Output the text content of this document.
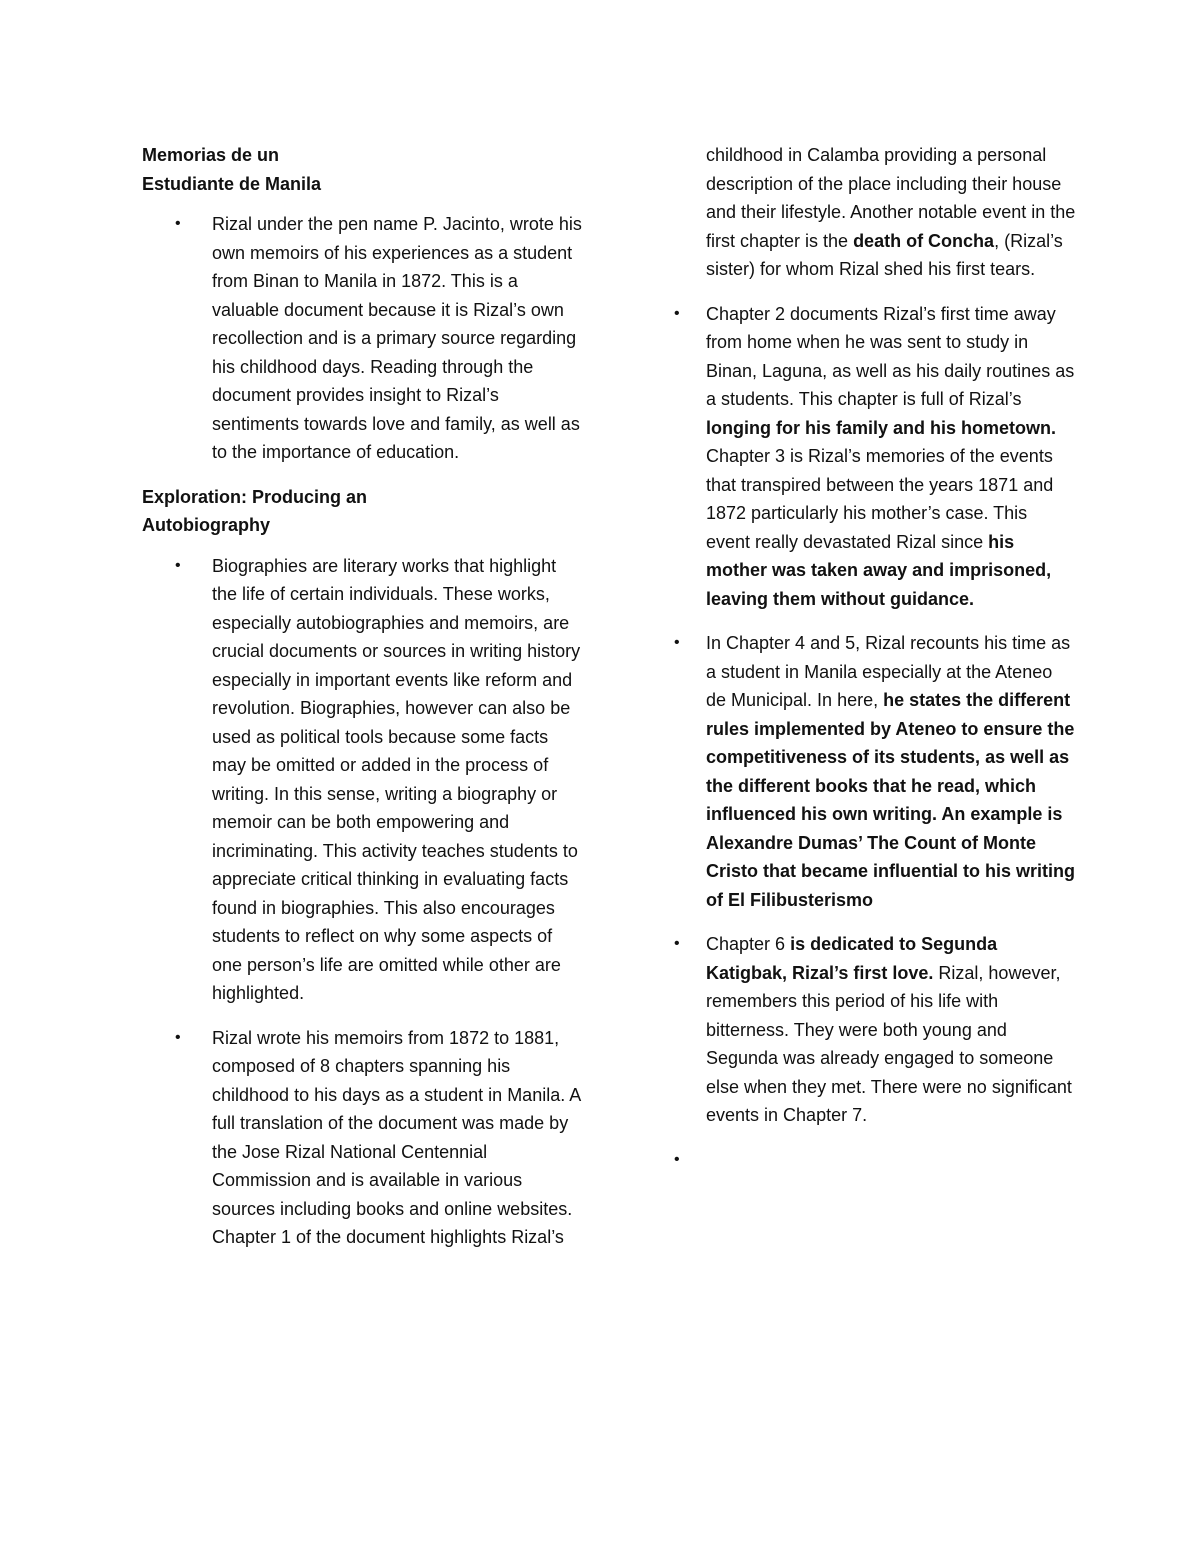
Memorias de un
Estudiante de Manila

• Rizal under the pen name P. Jacinto, wrote his own memoirs of his experiences as a student from Binan to Manila in 1872. This is a valuable document because it is Rizal’s own recollection and is a primary source regarding his childhood days. Reading through the document provides insight to Rizal’s sentiments towards love and family, as well as to the importance of education.

Exploration: Producing an
Autobiography

• Biographies are literary works that highlight the life of certain individuals. These works, especially autobiographies and memoirs, are crucial documents or sources in writing history especially in important events like reform and revolution. Biographies, however can also be used as political tools because some facts may be omitted or added in the process of writing. In this sense, writing a biography or memoir can be both empowering and incriminating. This activity teaches students to appreciate critical thinking in evaluating facts found in biographies. This also encourages students to reflect on why some aspects of one person’s life are omitted while other are highlighted.
• Rizal wrote his memoirs from 1872 to 1881, composed of 8 chapters spanning his childhood to his days as a student in Manila. A full translation of the document was made by the Jose Rizal National Centennial Commission and is available in various sources including books and online websites. Chapter 1 of the document highlights Rizal’s

childhood in Calamba providing a personal description of the place including their house and their lifestyle. Another notable event in the first chapter is the death of Concha, (Rizal’s sister) for whom Rizal shed his first tears.

• Chapter 2 documents Rizal’s first time away from home when he was sent to study in Binan, Laguna, as well as his daily routines as a students. This chapter is full of Rizal’s longing for his family and his hometown. Chapter 3 is Rizal’s memories of the events that transpired between the years 1871 and 1872 particularly his mother’s case. This event really devastated Rizal since his mother was taken away and imprisoned, leaving them without guidance.
• In Chapter 4 and 5, Rizal recounts his time as a student in Manila especially at the Ateneo de Municipal. In here, he states the different rules implemented by Ateneo to ensure the competitiveness of its students, as well as the different books that he read, which influenced his own writing. An example is Alexandre Dumas’ The Count of Monte Cristo that became influential to his writing of El Filibusterismo
• Chapter 6 is dedicated to Segunda Katigbak, Rizal’s first love. Rizal, however, remembers this period of his life with bitterness. They were both young and Segunda was already engaged to someone else when they met. There were no significant events in Chapter 7.
•
